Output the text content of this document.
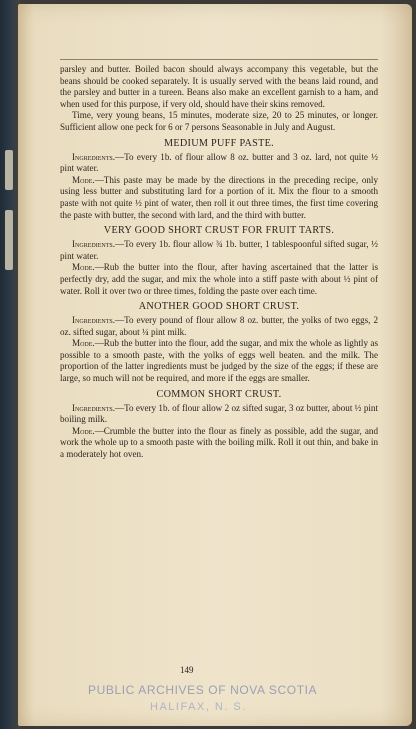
parsley and butter. Boiled bacon should always accompany this vegetable, but the beans should be cooked separately. It is usually served with the beans laid round, and the parsley and butter in a tureen. Beans also make an excellent garnish to a ham, and when used for this purpose, if very old, should have their skins removed.

Time, very young beans, 15 minutes, moderate size, 20 to 25 minutes, or longer. Sufficient allow one peck for 6 or 7 persons Seasonable in July and August.

MEDIUM PUFF PASTE.

Ingredients.—To every 1b. of flour allow 8 oz. butter and 3 oz. lard, not quite ½ pint water.

Mode.—This paste may be made by the directions in the preceding recipe, only using less butter and substituting lard for a portion of it. Mix the flour to a smooth paste with not quite ½ pint of water, then roll it out three times, the first time covering the paste with butter, the second with lard, and the third with butter.

VERY GOOD SHORT CRUST FOR FRUIT TARTS.

Ingredients.—To every 1b. flour allow ¾ 1b. butter, 1 tablespoonful sifted sugar, ½ pint water.

Mode.—Rub the butter into the flour, after having ascertained that the latter is perfectly dry, add the sugar, and mix the whole into a stiff paste with about ½ pint of water. Roll it over two or three times, folding the paste over each time.

ANOTHER GOOD SHORT CRUST.

Ingredients.—To every pound of flour allow 8 oz. butter, the yolks of two eggs, 2 oz. sifted sugar, about ¼ pint milk.

Mode.—Rub the butter into the flour, add the sugar, and mix the whole as lightly as possible to a smooth paste, with the yolks of eggs well beaten. and the milk. The proportion of the latter ingredients must be judged by the size of the eggs; if these are large, so much will not be required, and more if the eggs are smaller.

COMMON SHORT CRUST.

Ingredients.—To every 1b. of flour allow 2 oz sifted sugar, 3 oz butter, about ½ pint boiling milk.

Mode.—Crumble the butter into the flour as finely as possible, add the sugar, and work the whole up to a smooth paste with the boiling milk. Roll it out thin, and bake in a moderately hot oven.

149
PUBLIC ARCHIVES OF NOVA SCOTIA
HALIFAX, N. S.
